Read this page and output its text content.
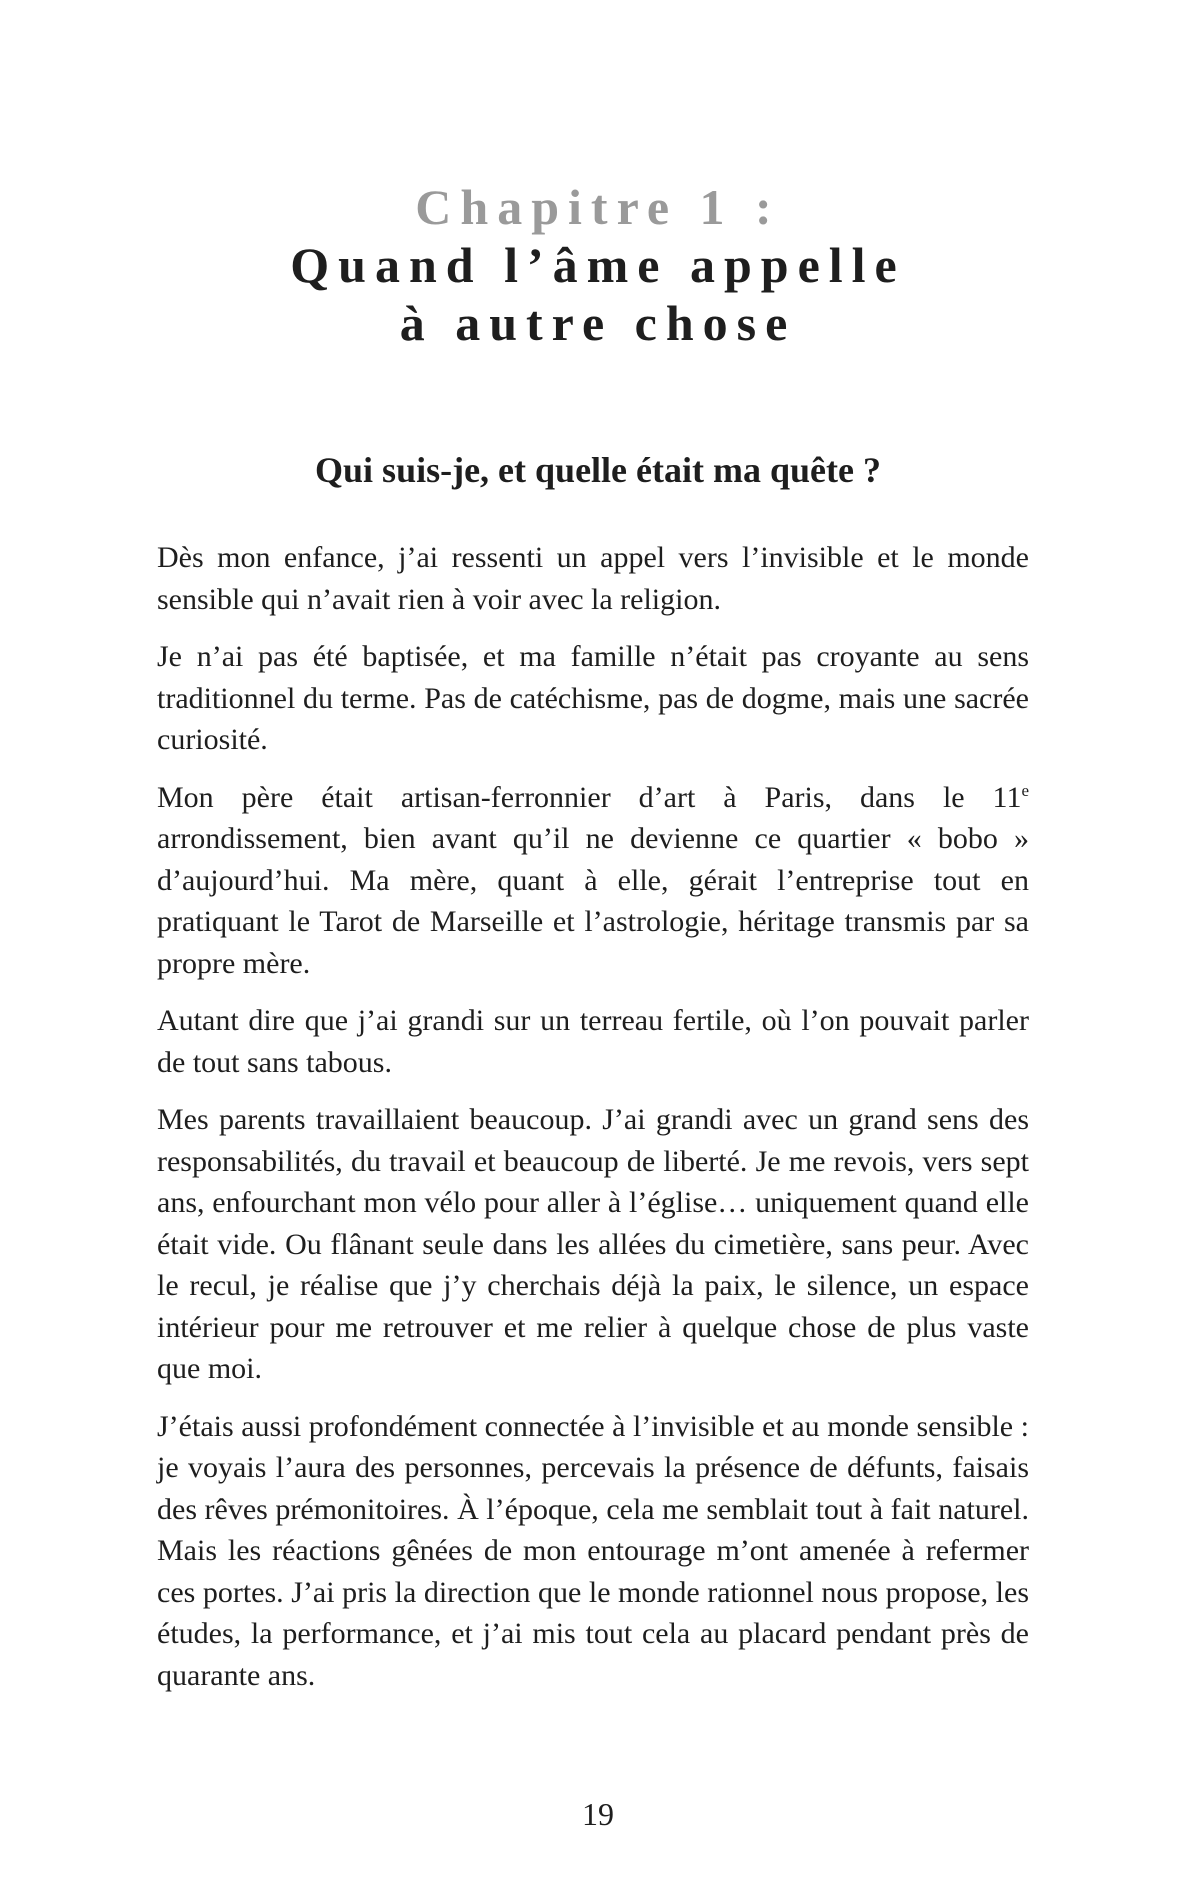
Chapitre 1 :
Quand l’âme appelle
à autre chose
Qui suis-je, et quelle était ma quête ?

Dès mon enfance, j’ai ressenti un appel vers l’invisible et le monde sensible qui n’avait rien à voir avec la religion.

Je n’ai pas été baptisée, et ma famille n’était pas croyante au sens traditionnel du terme. Pas de catéchisme, pas de dogme, mais une sacrée curiosité.

Mon père était artisan-ferronnier d’art à Paris, dans le 11e arrondissement, bien avant qu’il ne devienne ce quartier « bobo » d’aujourd’hui. Ma mère, quant à elle, gérait l’entreprise tout en pratiquant le Tarot de Marseille et l’astrologie, héritage transmis par sa propre mère.

Autant dire que j’ai grandi sur un terreau fertile, où l’on pouvait parler de tout sans tabous.

Mes parents travaillaient beaucoup. J’ai grandi avec un grand sens des responsabilités, du travail et beaucoup de liberté. Je me revois, vers sept ans, enfourchant mon vélo pour aller à l’église… uniquement quand elle était vide. Ou flânant seule dans les allées du cimetière, sans peur. Avec le recul, je réalise que j’y cherchais déjà la paix, le silence, un espace intérieur pour me retrouver et me relier à quelque chose de plus vaste que moi.

J’étais aussi profondément connectée à l’invisible et au monde sensible : je voyais l’aura des personnes, percevais la présence de défunts, faisais des rêves prémonitoires. À l’époque, cela me semblait tout à fait naturel. Mais les réactions gênées de mon entourage m’ont amenée à refermer ces portes. J’ai pris la direction que le monde rationnel nous propose, les études, la performance, et j’ai mis tout cela au placard pendant près de quarante ans.

19
